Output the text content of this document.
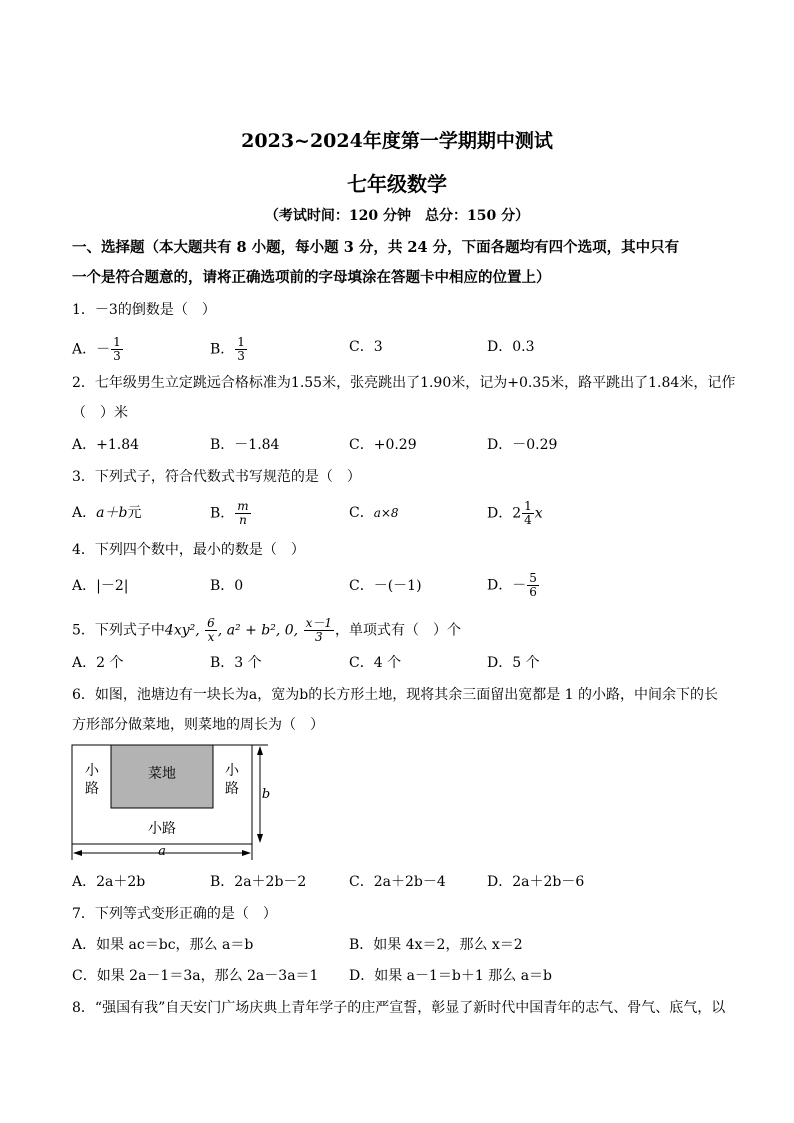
2023~2024年度第一学期期中测试
七年级数学
（考试时间：120 分钟　总分：150 分）
一、选择题（本大题共有 8 小题，每小题 3 分，共 24 分，下面各题均有四个选项，其中只有
一个是符合题意的，请将正确选项前的字母填涂在答题卡中相应的位置上）
1．－3的倒数是（　）
A．－ $\frac{1}{3}$	B． $\frac{1}{3}$	C．3	D．0.3
2．七年级男生立定跳远合格标准为1.55米，张亮跳出了1.90米，记为+0.35米，路平跳出了1.84米，记作
（　）米
A．+1.84	B．－1.84	C．+0.29	D．－0.29
3．下列式子，符合代数式书写规范的是（　）
A．a＋b元	B． $\frac{m}{n}$	C．a×8	D．$2 \frac{1}{4}$ x
4．下列四个数中，最小的数是（　）
A．|－2|	B．0	C．－(－1)	D．－ $\frac{5}{6}$
5．下列式子中4xy², $\frac{6}{x}$ , a² + b², 0, $\frac{x-1}{3}$ ，单项式有（　）个
A．2 个	B．3 个	C．4 个	D．5 个
6．如图，池塘边有一块长为a，宽为b的长方形土地，现将其余三面留出宽都是 1 的小路，中间余下的长
方形部分做菜地，则菜地的周长为（　）
菜地
小
路
小
路
小路
a
b
A．2a＋2b	B．2a＋2b－2	C．2a＋2b－4	D．2a＋2b－6
7．下列等式变形正确的是（　）
A．如果 ac＝bc，那么 a＝b	B．如果 4x＝2，那么 x＝2
C．如果 2a－1＝3a，那么 2a－3a＝1 D．如果 a－1＝b＋1 那么 a＝b
8．“强国有我”自天安门广场庆典上青年学子的庄严宣誓，彰显了新时代中国青年的志气、骨气、底气，以
